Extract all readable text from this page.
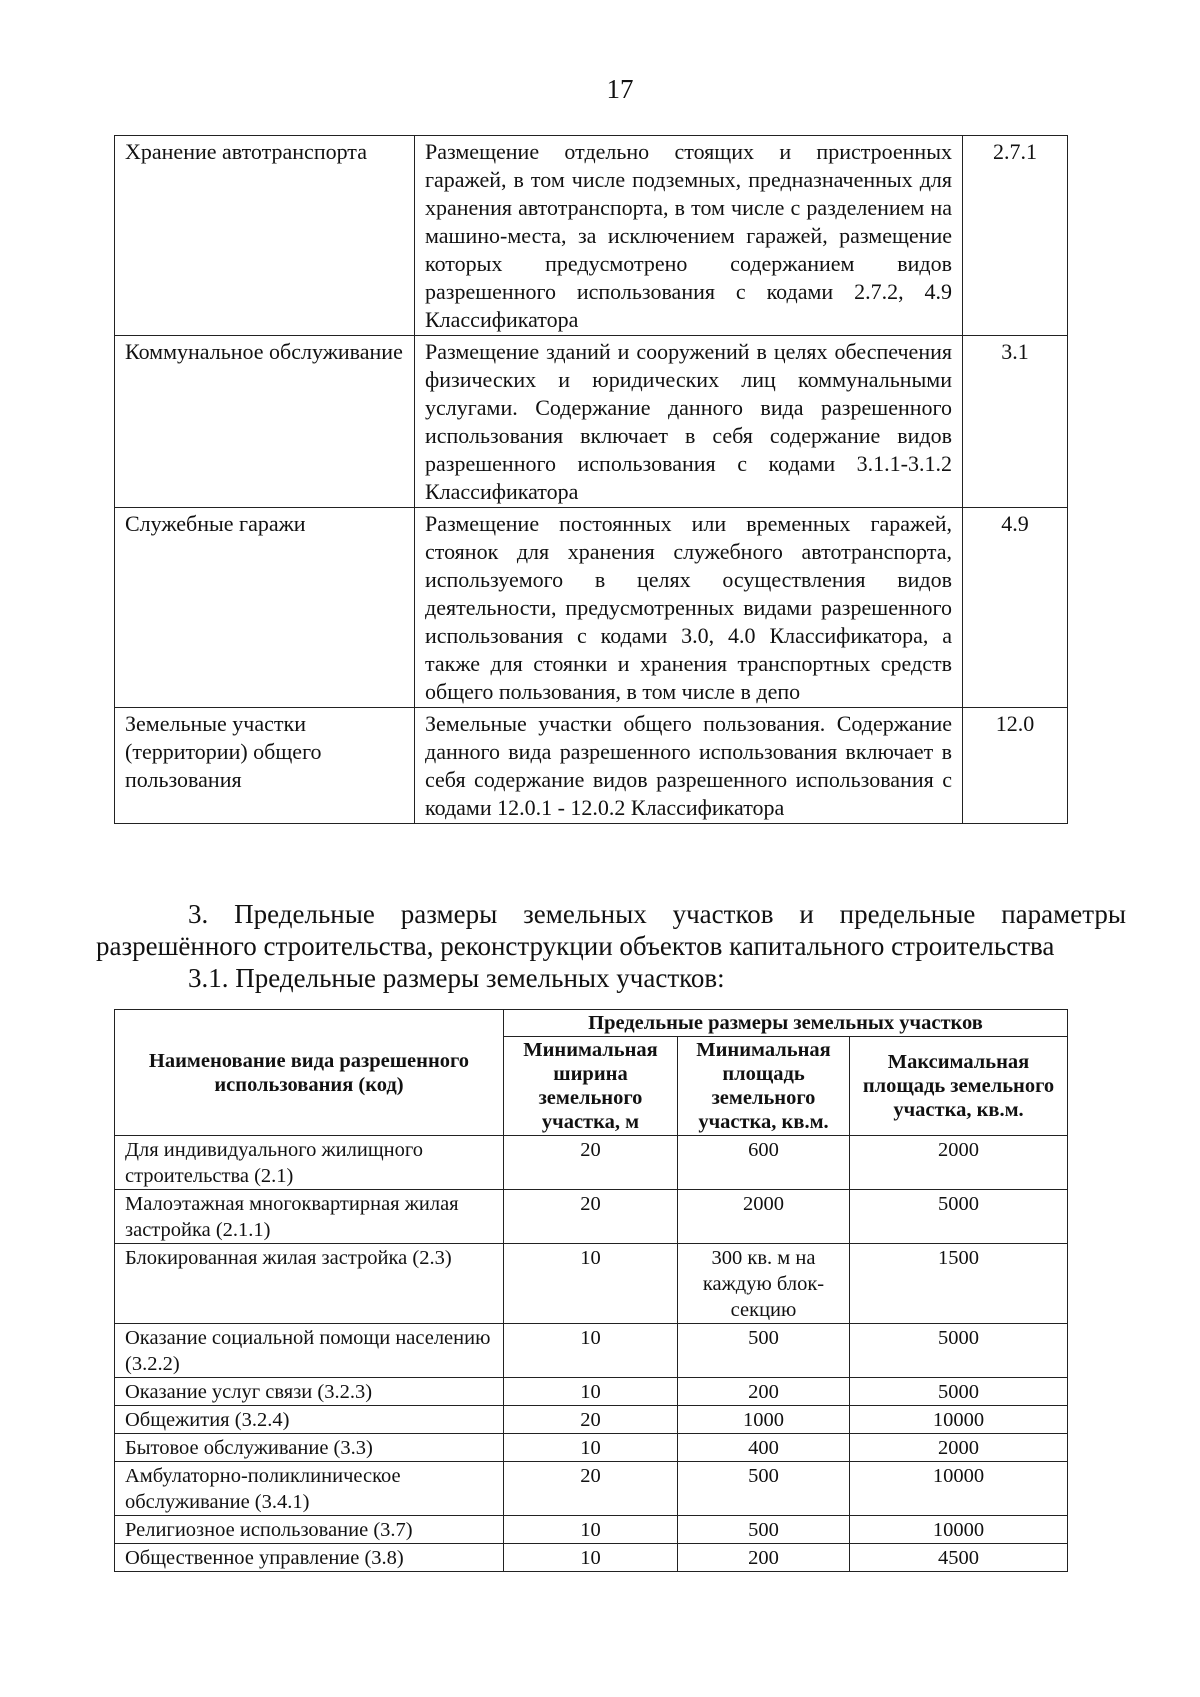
17
Хранение автотранспорта	Размещение отдельно стоящих и пристроенных гаражей, в том числе подземных, предназначенных для хранения автотранспорта, в том числе с разделением на машино-места, за исключением гаражей, размещение которых предусмотрено содержанием видов разрешенного использования с кодами 2.7.2, 4.9 Классификатора	2.7.1
Коммунальное обслуживание	Размещение зданий и сооружений в целях обеспечения физических и юридических лиц коммунальными услугами. Содержание данного вида разрешенного использования включает в себя содержание видов разрешенного использования с кодами 3.1.1-3.1.2 Классификатора	3.1
Служебные гаражи	Размещение постоянных или временных гаражей, стоянок для хранения служебного автотранспорта, используемого в целях осуществления видов деятельности, предусмотренных видами разрешенного использования с кодами 3.0, 4.0 Классификатора, а также для стоянки и хранения транспортных средств общего пользования, в том числе в депо	4.9
Земельные участки (территории) общего пользования	Земельные участки общего пользования. Содержание данного вида разрешенного использования включает в себя содержание видов разрешенного использования с кодами 12.0.1 - 12.0.2 Классификатора	12.0
3. Предельные размеры земельных участков и предельные параметры разрешённого строительства, реконструкции объектов капитального строительства
3.1. Предельные размеры земельных участков:
Наименование вида разрешенного использования (код)	Предельные размеры земельных участков		
	Минимальная ширина земельного участка, м	Минимальная площадь земельного участка, кв.м.	Максимальная площадь земельного участка, кв.м.
Для индивидуального жилищного строительства (2.1)	20	600	2000
Малоэтажная многоквартирная жилая застройка (2.1.1)	20	2000	5000
Блокированная жилая застройка (2.3)	10	300 кв. м на каждую блок-секцию	1500
Оказание социальной помощи населению (3.2.2)	10	500	5000
Оказание услуг связи (3.2.3)	10	200	5000
Общежития (3.2.4)	20	1000	10000
Бытовое обслуживание (3.3)	10	400	2000
Амбулаторно-поликлиническое обслуживание (3.4.1)	20	500	10000
Религиозное использование (3.7)	10	500	10000
Общественное управление (3.8)	10	200	4500
